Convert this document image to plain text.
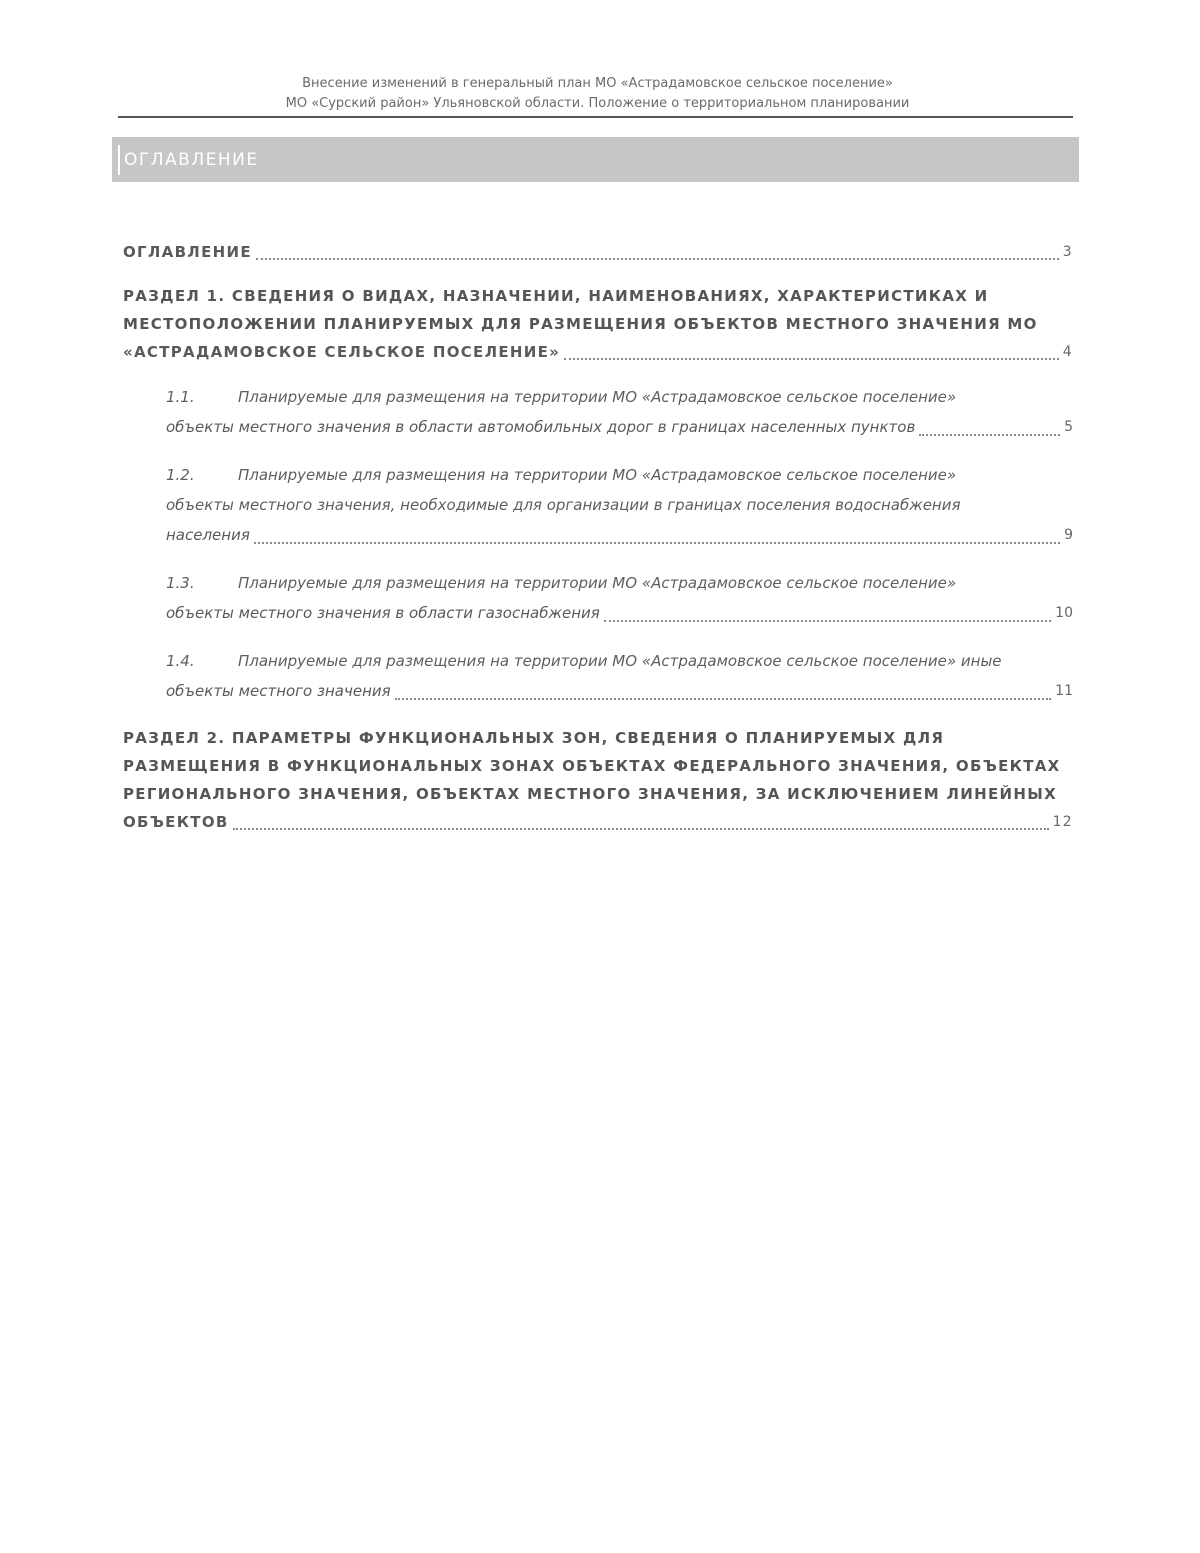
Внесение изменений в генеральный план МО «Астрадамовское сельское поселение»
МО «Сурский район» Ульяновской области. Положение о территориальном планировании
ОГЛАВЛЕНИЕ
ОГЛАВЛЕНИЕ	3
РАЗДЕЛ 1. СВЕДЕНИЯ О ВИДАХ, НАЗНАЧЕНИИ, НАИМЕНОВАНИЯХ, ХАРАКТЕРИСТИКАХ И
МЕСТОПОЛОЖЕНИИ ПЛАНИРУЕМЫХ ДЛЯ РАЗМЕЩЕНИЯ ОБЪЕКТОВ МЕСТНОГО ЗНАЧЕНИЯ МО
«АСТРАДАМОВСКОЕ СЕЛЬСКОЕ ПОСЕЛЕНИЕ»	4
1.1.	Планируемые для размещения на территории МО «Астрадамовское сельское поселение»
объекты местного значения в области автомобильных дорог в границах населенных пунктов	5
1.2.	Планируемые для размещения на территории МО «Астрадамовское сельское поселение»
объекты местного значения, необходимые для организации в границах поселения водоснабжения
населения	9
1.3.	Планируемые для размещения на территории МО «Астрадамовское сельское поселение»
объекты местного значения в области газоснабжения	10
1.4.	Планируемые для размещения на территории МО «Астрадамовское сельское поселение» иные
объекты местного значения	11
РАЗДЕЛ 2. ПАРАМЕТРЫ ФУНКЦИОНАЛЬНЫХ ЗОН, СВЕДЕНИЯ О ПЛАНИРУЕМЫХ ДЛЯ
РАЗМЕЩЕНИЯ В ФУНКЦИОНАЛЬНЫХ ЗОНАХ ОБЪЕКТАХ ФЕДЕРАЛЬНОГО ЗНАЧЕНИЯ, ОБЪЕКТАХ
РЕГИОНАЛЬНОГО ЗНАЧЕНИЯ, ОБЪЕКТАХ МЕСТНОГО ЗНАЧЕНИЯ, ЗА ИСКЛЮЧЕНИЕМ ЛИНЕЙНЫХ
ОБЪЕКТОВ	12
